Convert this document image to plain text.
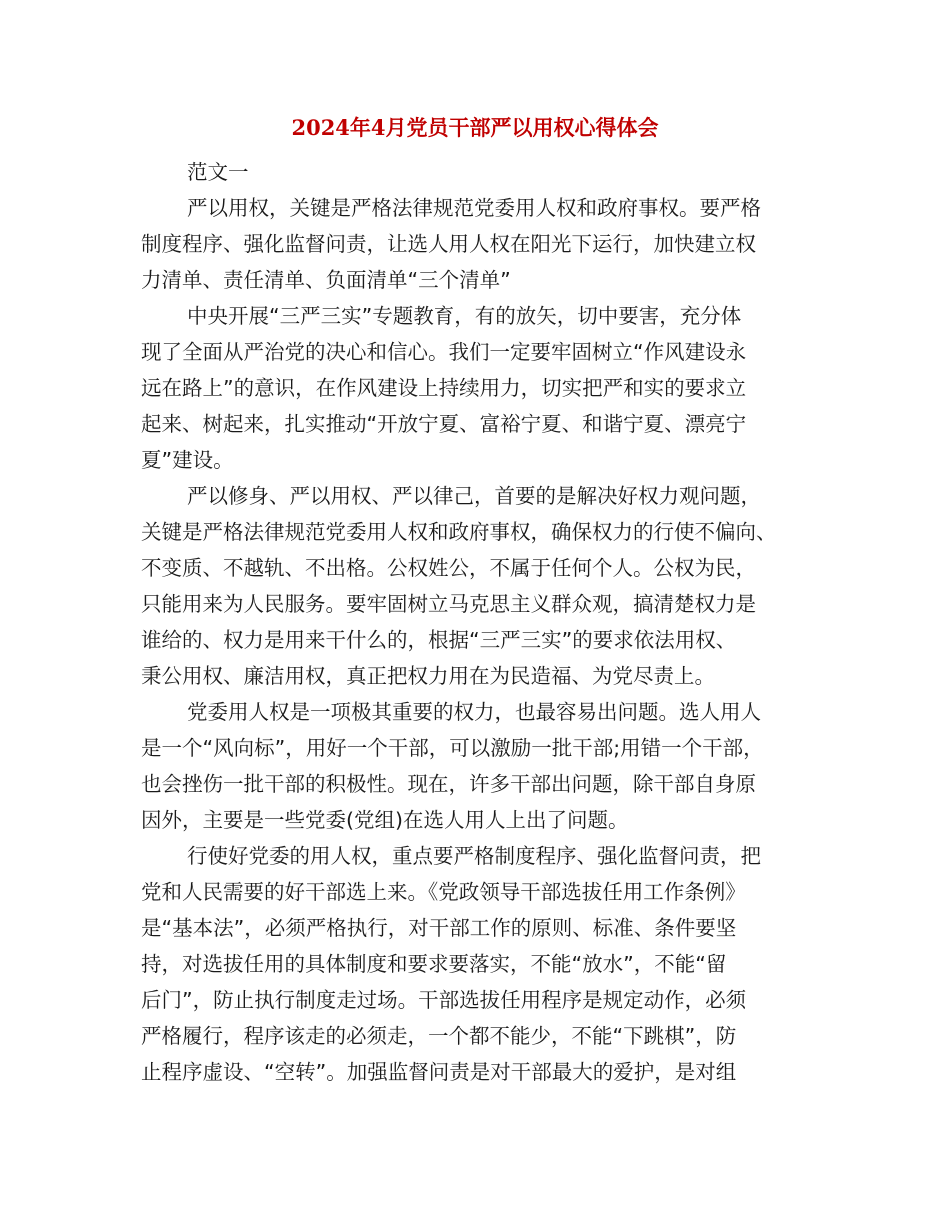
2024年4月党员干部严以用权心得体会
范文一
严以用权，关键是严格法律规范党委用人权和政府事权。要严格
制度程序、强化监督问责，让选人用人权在阳光下运行，加快建立权
力清单、责任清单、负面清单“三个清单”
中央开展“三严三实”专题教育，有的放矢，切中要害，充分体
现了全面从严治党的决心和信心。我们一定要牢固树立“作风建设永
远在路上”的意识，在作风建设上持续用力，切实把严和实的要求立
起来、树起来，扎实推动“开放宁夏、富裕宁夏、和谐宁夏、漂亮宁
夏”建设。
严以修身、严以用权、严以律己，首要的是解决好权力观问题，
关键是严格法律规范党委用人权和政府事权，确保权力的行使不偏向、
不变质、不越轨、不出格。公权姓公，不属于任何个人。公权为民，
只能用来为人民服务。要牢固树立马克思主义群众观，搞清楚权力是
谁给的、权力是用来干什么的，根据“三严三实”的要求依法用权、
秉公用权、廉洁用权，真正把权力用在为民造福、为党尽责上。
党委用人权是一项极其重要的权力，也最容易出问题。选人用人
是一个“风向标”，用好一个干部，可以激励一批干部;用错一个干部，
也会挫伤一批干部的积极性。现在，许多干部出问题，除干部自身原
因外，主要是一些党委(党组)在选人用人上出了问题。
行使好党委的用人权，重点要严格制度程序、强化监督问责，把
党和人民需要的好干部选上来。《党政领导干部选拔任用工作条例》
是“基本法”，必须严格执行，对干部工作的原则、标准、条件要坚
持，对选拔任用的具体制度和要求要落实，不能“放水”，不能“留
后门”，防止执行制度走过场。干部选拔任用程序是规定动作，必须
严格履行，程序该走的必须走，一个都不能少，不能“下跳棋”，防
止程序虚设、“空转”。加强监督问责是对干部最大的爱护，是对组
